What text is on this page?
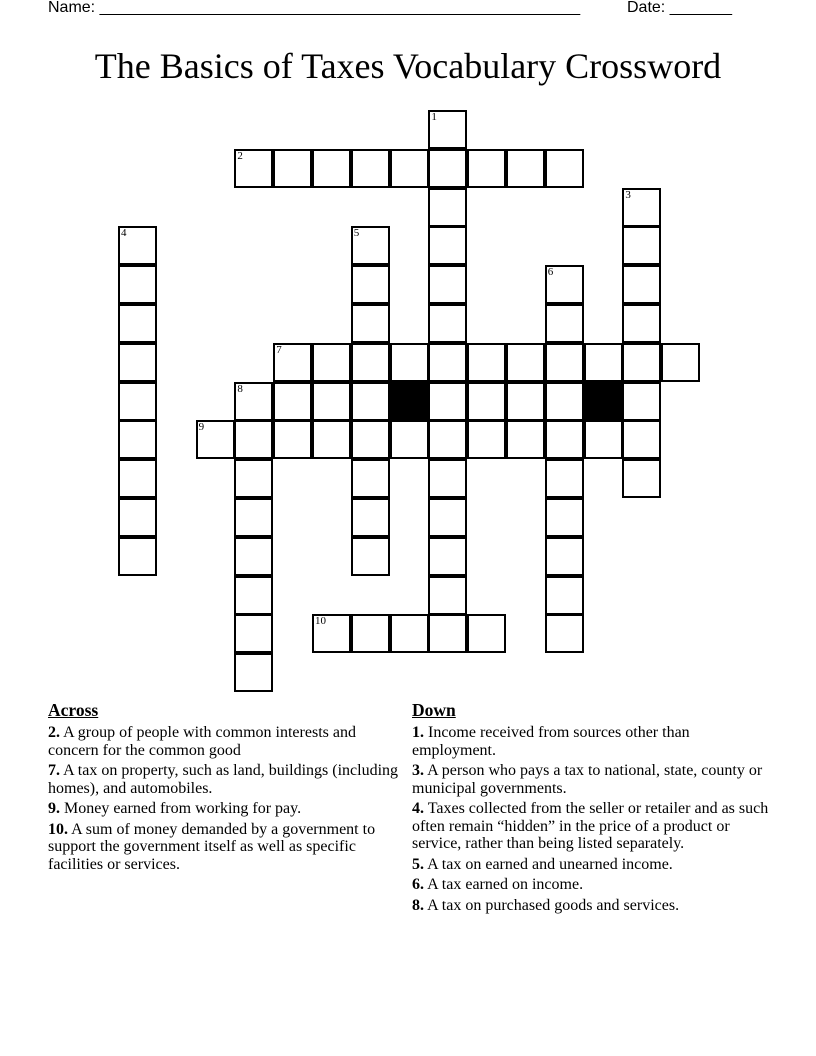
Name: ______________________________________________________	Date: _______
The Basics of Taxes Vocabulary Crossword
1
2
3
4	5
6
7
8
9
10
Across
2. A group of people with common interests and concern for the common good
7. A tax on property, such as land, buildings (including homes), and automobiles.
9. Money earned from working for pay.
10. A sum of money demanded by a government to support the government itself as well as specific facilities or services.
Down
1. Income received from sources other than employment.
3. A person who pays a tax to national, state, county or municipal governments.
4. Taxes collected from the seller or retailer and as such often remain “hidden” in the price of a product or service, rather than being listed separately.
5. A tax on earned and unearned income.
6. A tax earned on income.
8. A tax on purchased goods and services.
